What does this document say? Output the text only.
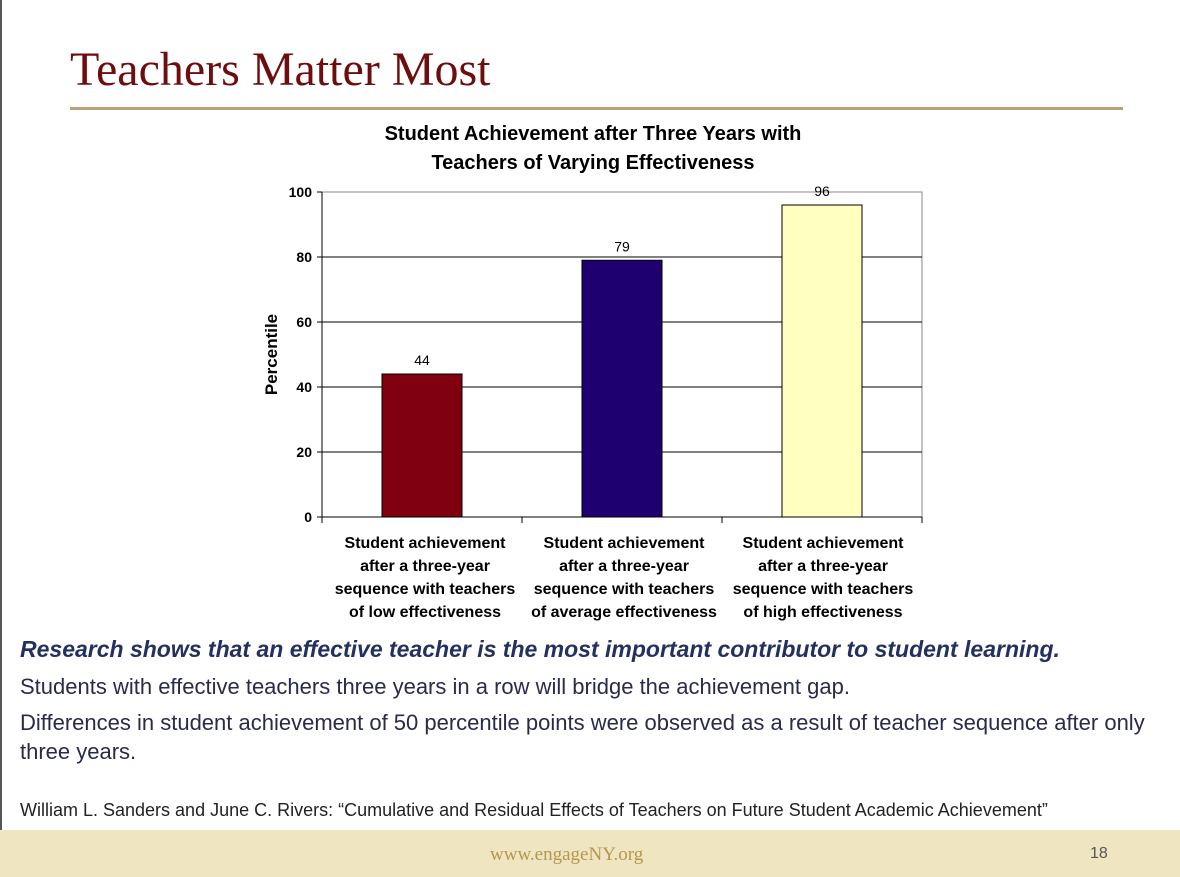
Teachers Matter Most
Student Achievement after Three Years with
Teachers of Varying Effectiveness
0
20
40
60
80
100
44
79
96
Percentile
Student achievement
after a three-year
sequence with teachers
of low effectiveness
Student achievement
after a three-year
sequence with teachers
of average effectiveness
Student achievement
after a three-year
sequence with teachers
of high effectiveness
Research shows that an effective teacher is the most important contributor to student learning.
Students with effective teachers three years in a row will bridge the achievement gap.
Differences in student achievement of 50 percentile points were observed as a result of teacher sequence after only three years.
William L. Sanders and June C. Rivers: “Cumulative and Residual Effects of Teachers on Future Student Academic Achievement”
www.engageNY.org	18
